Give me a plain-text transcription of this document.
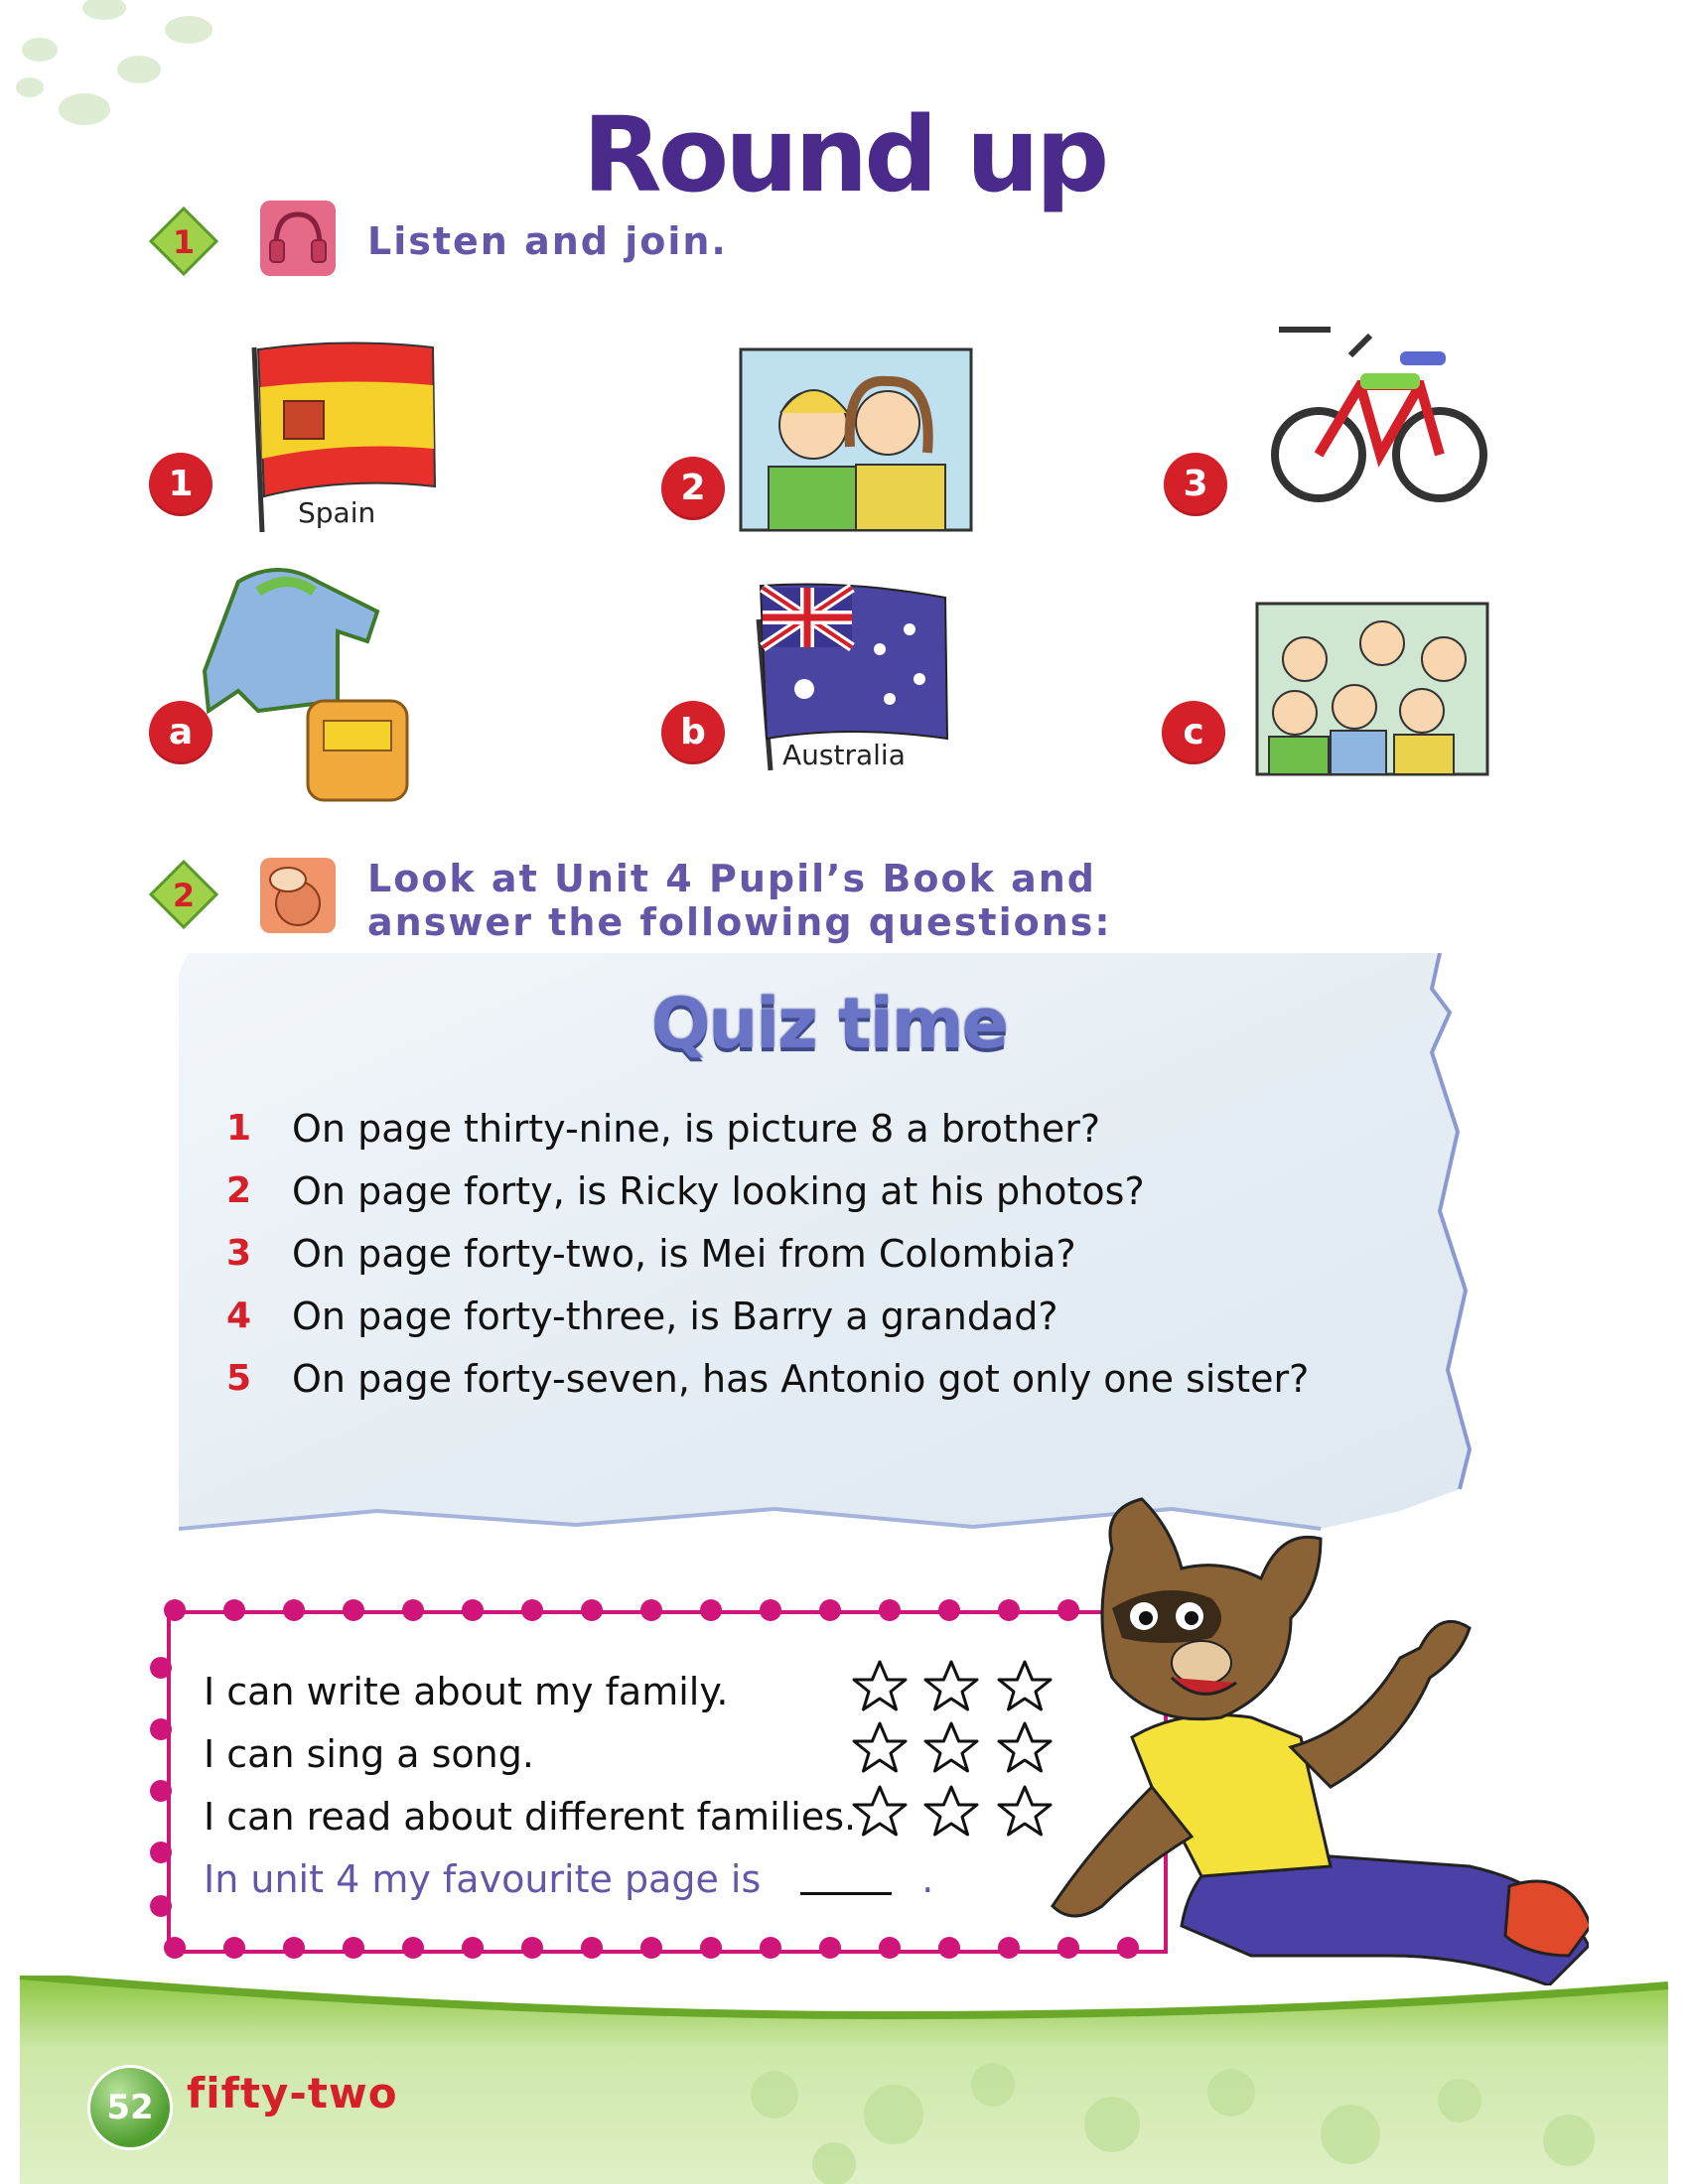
Round up
1	Listen and join.
1
Spain
2	3
a	b
Australia
c
2	Look at Unit 4 Pupil’s Book and
answer the following questions:
Quiz time
1	On page thirty-nine, is picture 8 a brother?
2	On page forty, is Ricky looking at his photos?
3	On page forty-two, is Mei from Colombia?
4	On page forty-three, is Barry a grandad?
5	On page forty-seven, has Antonio got only one sister?
I can write about my family.
I can sing a song.
I can read about different families.
In unit 4 my favourite page is	.
52 fifty-two
